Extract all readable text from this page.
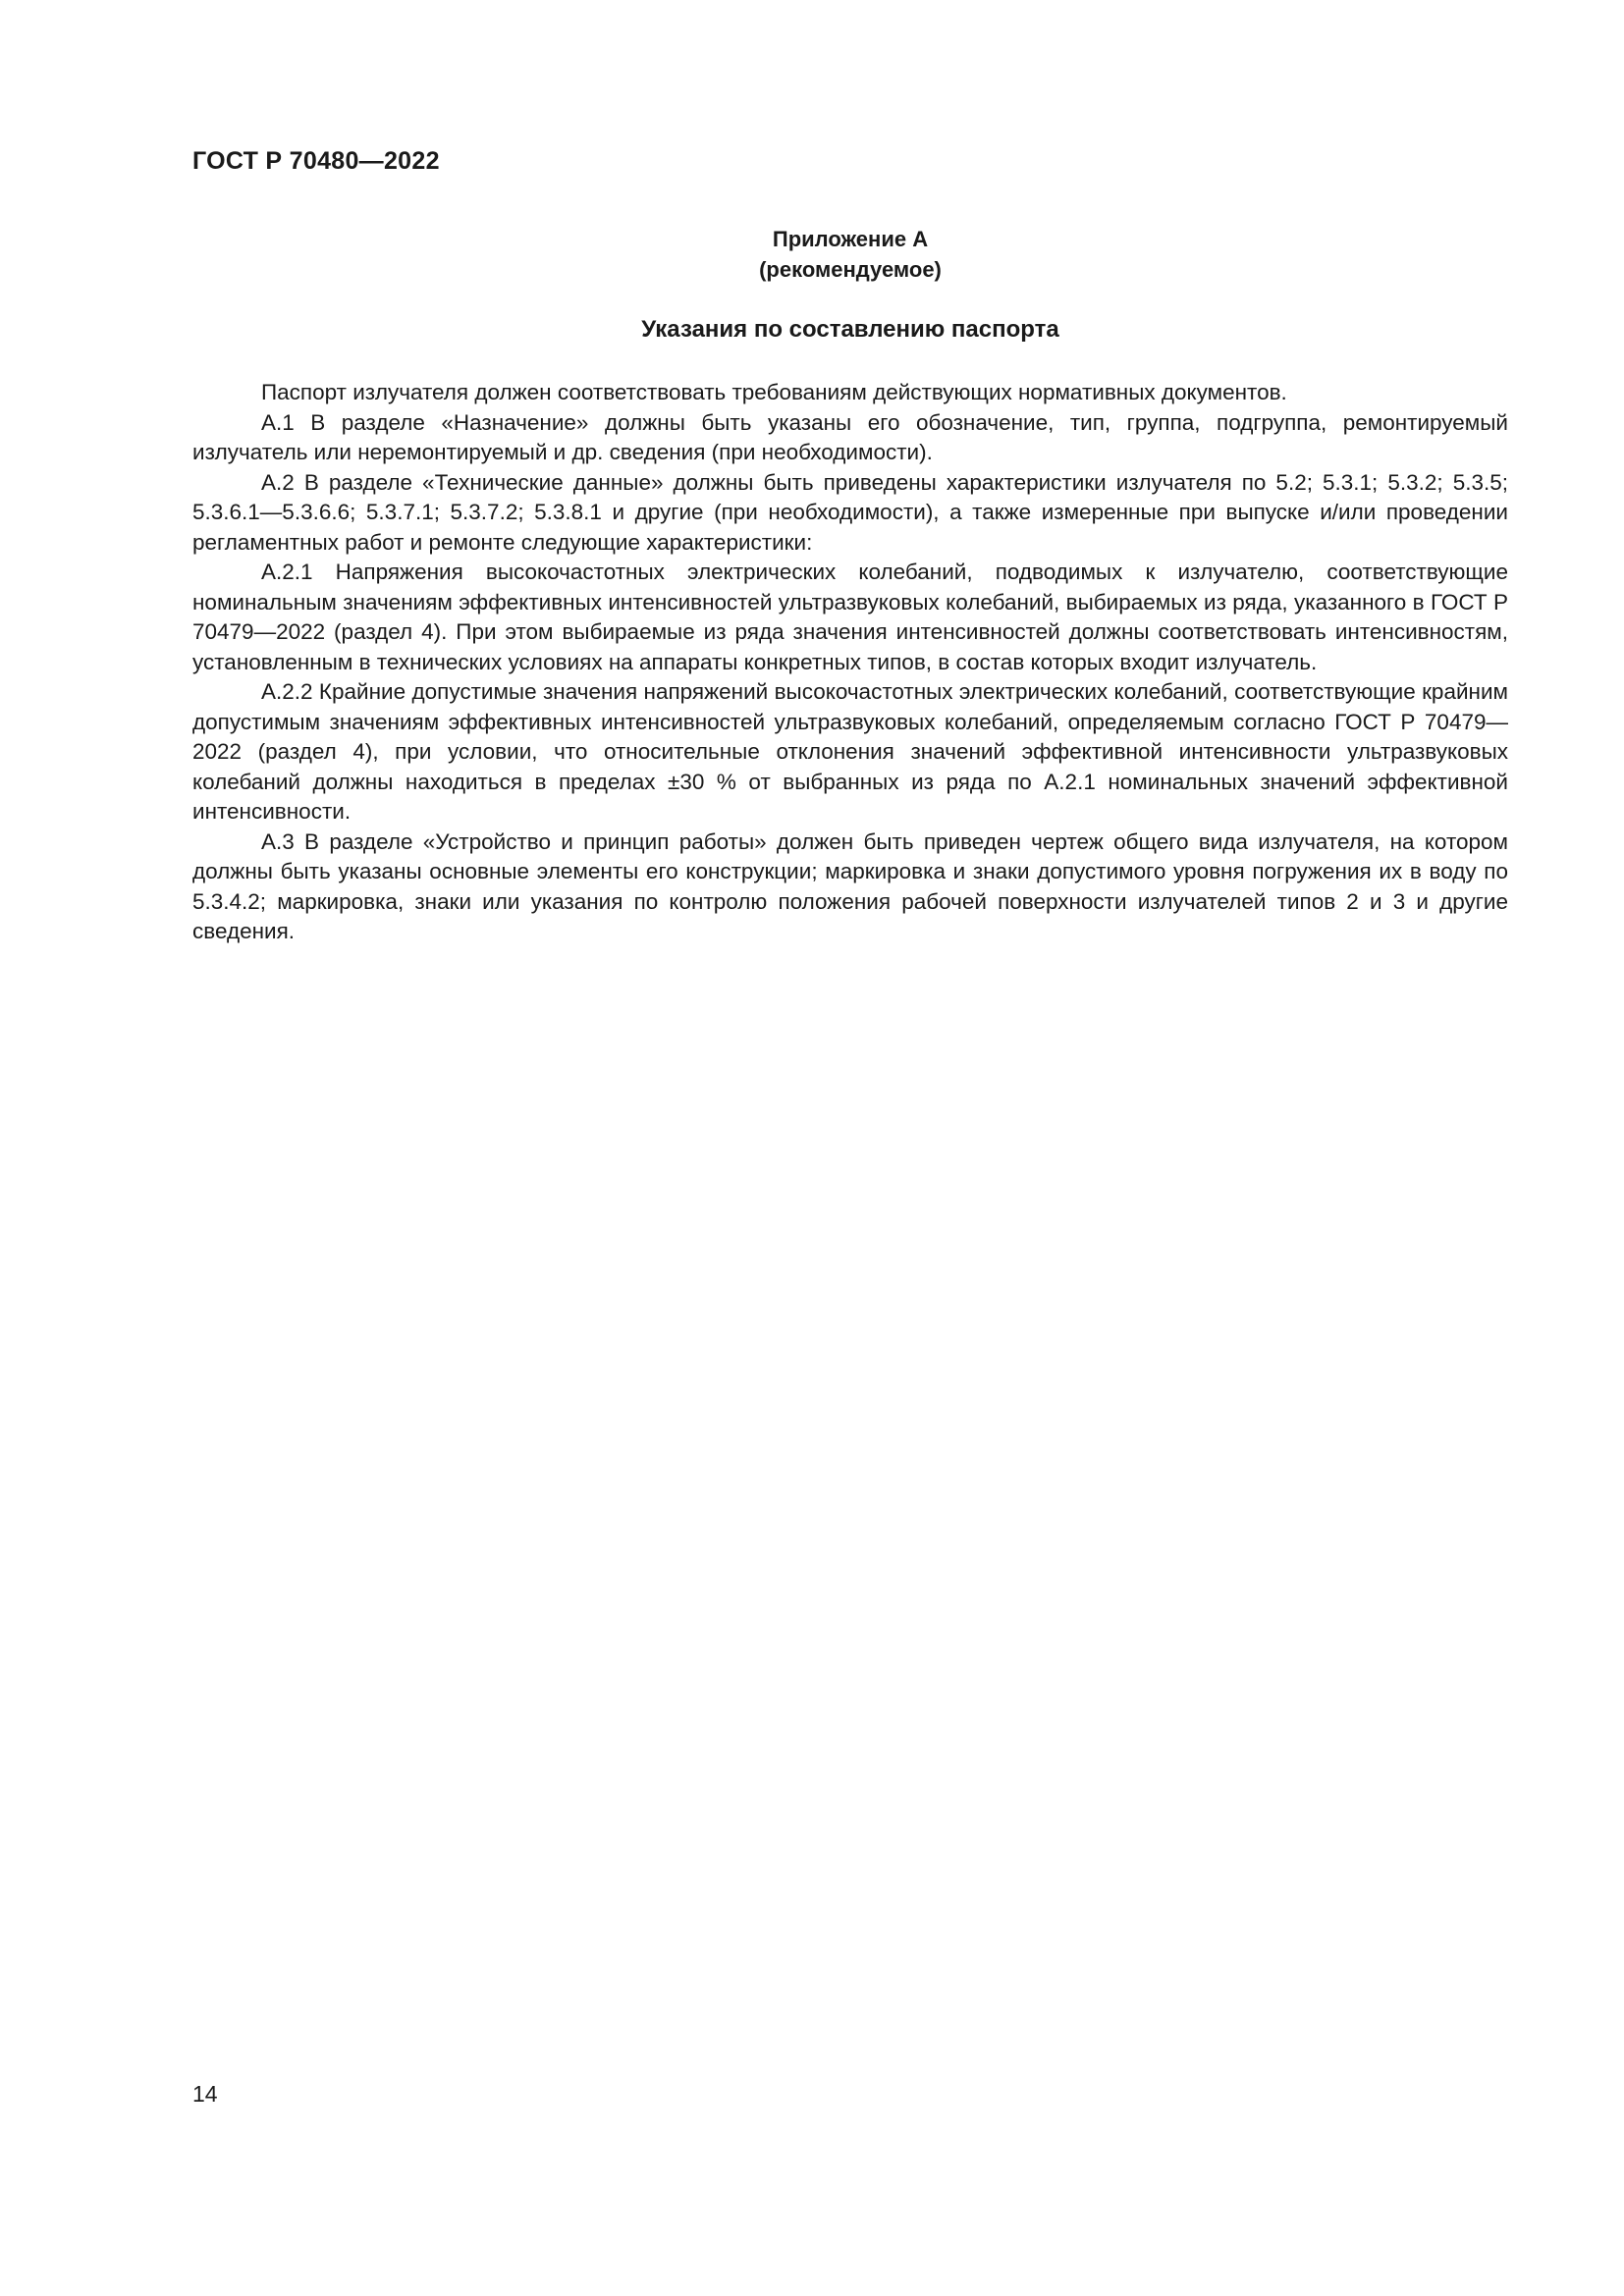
ГОСТ Р 70480—2022
Приложение А
(рекомендуемое)
Указания по составлению паспорта

Паспорт излучателя должен соответствовать требованиям действующих нормативных документов.

А.1 В разделе «Назначение» должны быть указаны его обозначение, тип, группа, подгруппа, ремонтируемый излучатель или неремонтируемый и др. сведения (при необходимости).

А.2 В разделе «Технические данные» должны быть приведены характеристики излучателя по 5.2; 5.3.1; 5.3.2; 5.3.5; 5.3.6.1—5.3.6.6; 5.3.7.1; 5.3.7.2; 5.3.8.1 и другие (при необходимости), а также измеренные при выпуске и/или проведении регламентных работ и ремонте следующие характеристики:

А.2.1 Напряжения высокочастотных электрических колебаний, подводимых к излучателю, соответствующие номинальным значениям эффективных интенсивностей ультразвуковых колебаний, выбираемых из ряда, указанного в ГОСТ Р 70479—2022 (раздел 4). При этом выбираемые из ряда значения интенсивностей должны соответствовать интенсивностям, установленным в технических условиях на аппараты конкретных типов, в состав которых входит излучатель.

А.2.2 Крайние допустимые значения напряжений высокочастотных электрических колебаний, соответствующие крайним допустимым значениям эффективных интенсивностей ультразвуковых колебаний, определяемым согласно ГОСТ Р 70479—2022 (раздел 4), при условии, что относительные отклонения значений эффективной интенсивности ультразвуковых колебаний должны находиться в пределах ±30 % от выбранных из ряда по А.2.1 номинальных значений эффективной интенсивности.

А.3 В разделе «Устройство и принцип работы» должен быть приведен чертеж общего вида излучателя, на котором должны быть указаны основные элементы его конструкции; маркировка и знаки допустимого уровня погружения их в воду по 5.3.4.2; маркировка, знаки или указания по контролю положения рабочей поверхности излучателей типов 2 и 3 и другие сведения.

14
